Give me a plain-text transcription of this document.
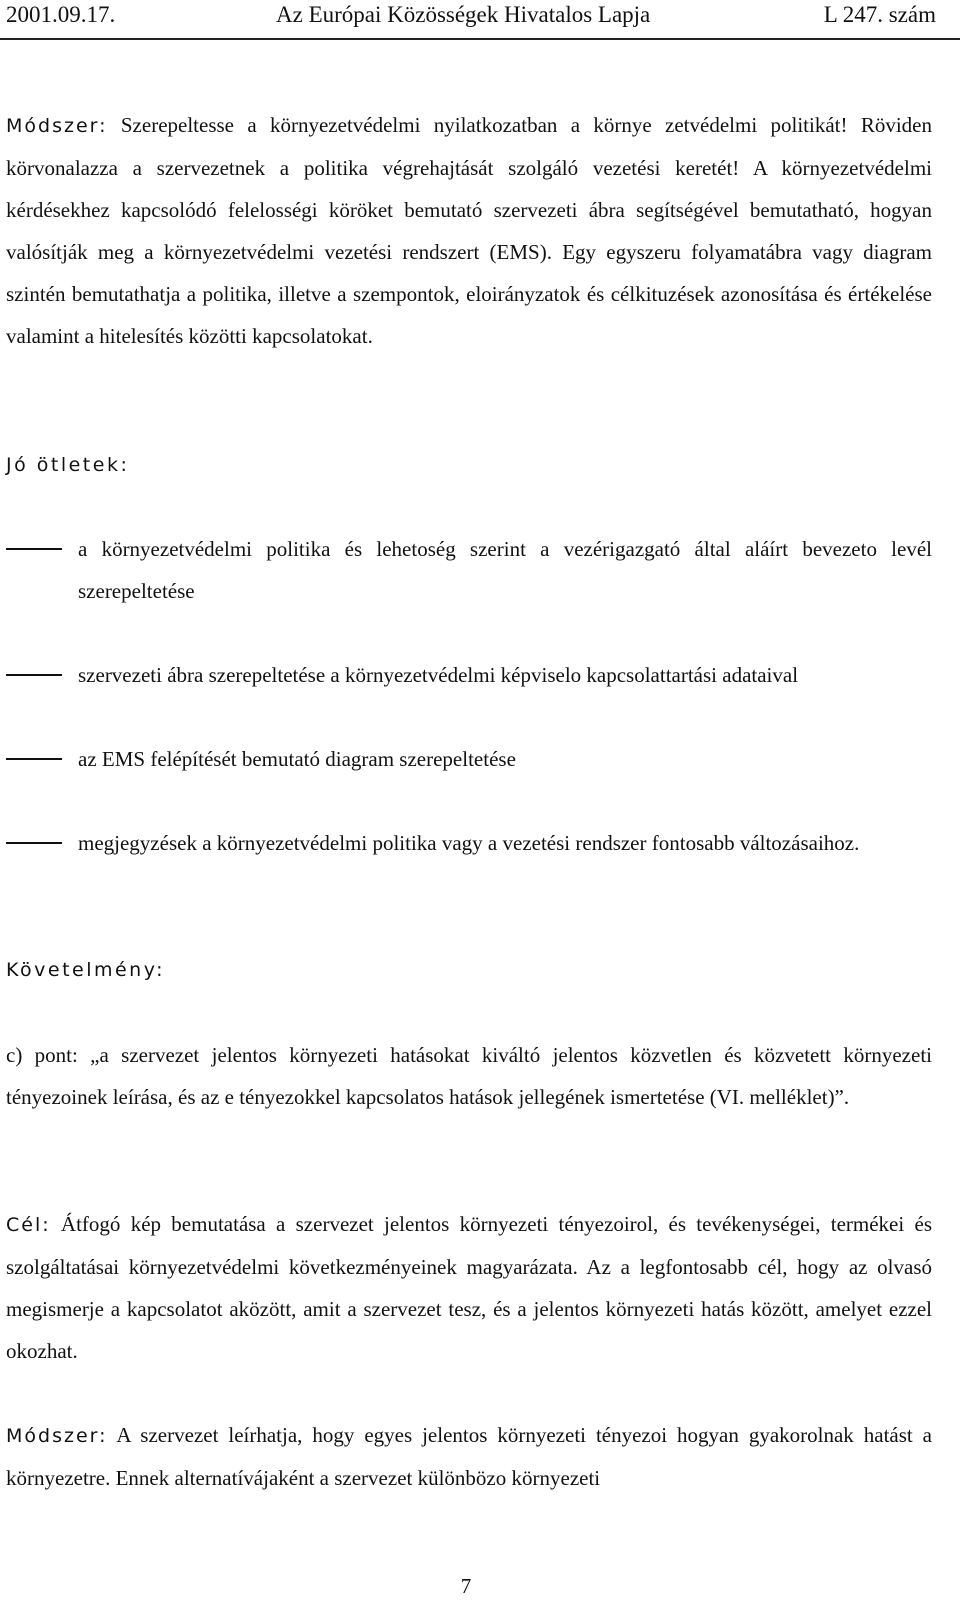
2001.09.17.	Az Európai Közösségek Hivatalos Lapja	L 247. szám

Módszer: Szerepeltesse a környezetvédelmi nyilatkozatban a környe zetvédelmi politikát! Röviden körvonalazza a szervezetnek a politika végrehajtását szolgáló vezetési keretét! A környezetvédelmi kérdésekhez kapcsolódó felelosségi köröket bemutató szervezeti ábra segítségével bemutatható, hogyan valósítják meg a környezetvédelmi vezetési rendszert (EMS). Egy egyszeru folyamatábra vagy diagram szintén bemutathatja a politika, illetve a szempontok, eloirányzatok és célkituzések azonosítása és értékelése valamint a hitelesítés közötti kapcsolatokat.

Jó ötletek:

a környezetvédelmi politika és lehetoség szerint a vezérigazgató által aláírt bevezeto levél szerepeltetése

szervezeti ábra szerepeltetése a környezetvédelmi képviselo kapcsolattartási adataival

az EMS felépítését bemutató diagram szerepeltetése

megjegyzések a környezetvédelmi politika vagy a vezetési rendszer fontosabb változásaihoz.

Követelmény:

c) pont: „a szervezet jelentos környezeti hatásokat kiváltó jelentos közvetlen és közvetett környezeti tényezoinek leírása, és az e tényezokkel kapcsolatos hatások jellegének ismertetése (VI. melléklet)”.

Cél: Átfogó kép bemutatása a szervezet jelentos környezeti tényezoirol, és tevékenységei, termékei és szolgáltatásai környezetvédelmi következményeinek magyarázata. Az a legfontosabb cél, hogy az olvasó megismerje a kapcsolatot aközött, amit a szervezet tesz, és a jelentos környezeti hatás között, amelyet ezzel okozhat.

Módszer: A szervezet leírhatja, hogy egyes jelentos környezeti tényezoi hogyan gyakorolnak hatást a környezetre. Ennek alternatívájaként a szervezet különbözo környezeti

7
